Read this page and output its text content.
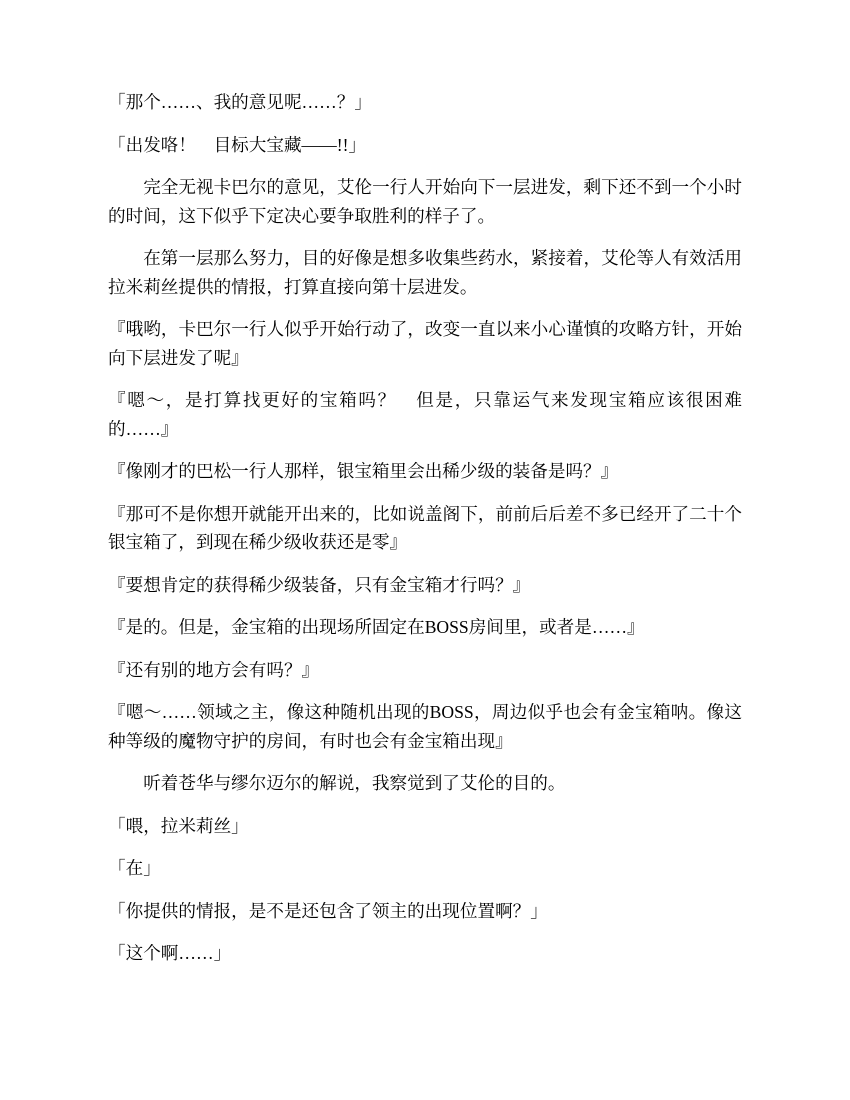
「那个……、我的意见呢……？」

「出发咯！　目标大宝藏——!!」

完全无视卡巴尔的意见，艾伦一行人开始向下一层进发，剩下还不到一个小时的时间，这下似乎下定决心要争取胜利的样子了。

在第一层那么努力，目的好像是想多收集些药水，紧接着，艾伦等人有效活用拉米莉丝提供的情报，打算直接向第十层进发。

『哦哟，卡巴尔一行人似乎开始行动了，改变一直以来小心谨慎的攻略方针，开始向下层进发了呢』

『嗯～，是打算找更好的宝箱吗？　但是，只靠运气来发现宝箱应该很困难的……』

『像刚才的巴松一行人那样，银宝箱里会出稀少级的装备是吗？』

『那可不是你想开就能开出来的，比如说盖阁下，前前后后差不多已经开了二十个银宝箱了，到现在稀少级收获还是零』

『要想肯定的获得稀少级装备，只有金宝箱才行吗？』

『是的。但是，金宝箱的出现场所固定在BOSS房间里，或者是……』

『还有别的地方会有吗？』

『嗯～……领域之主，像这种随机出现的BOSS，周边似乎也会有金宝箱呐。像这种等级的魔物守护的房间，有时也会有金宝箱出现』

听着苍华与缪尔迈尔的解说，我察觉到了艾伦的目的。

「喂，拉米莉丝」

「在」

「你提供的情报，是不是还包含了领主的出现位置啊？」

「这个啊……」
